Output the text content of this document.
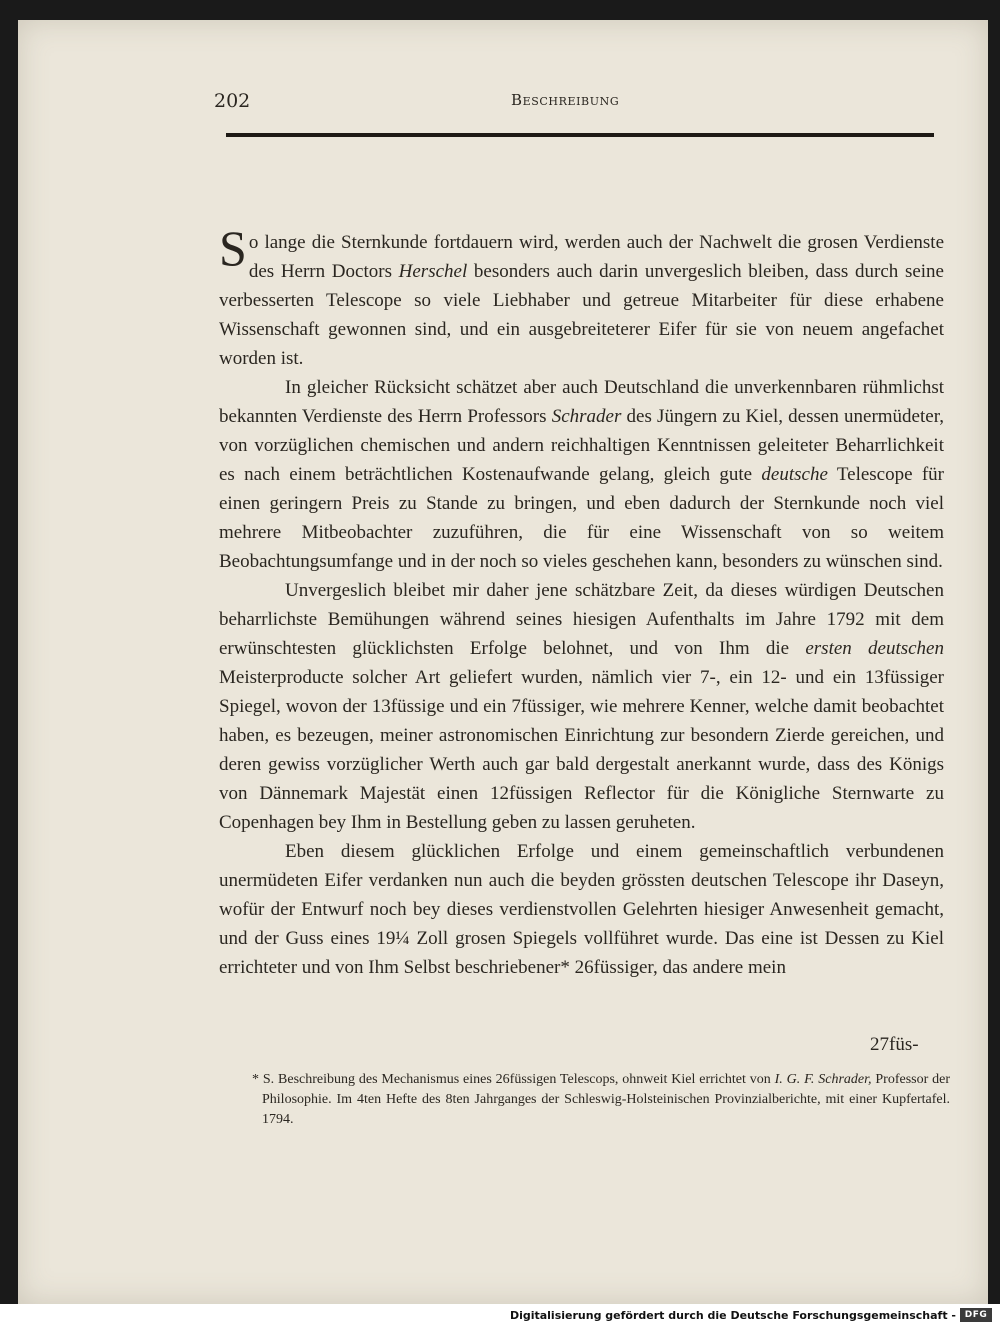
202	Beschreibung

So lange die Sternkunde fortdauern wird, werden auch der Nachwelt die grosen Verdienste des Herrn Doctors Herschel besonders auch darin unvergeslich bleiben, dass durch seine verbesserten Telescope so viele Liebhaber und getreue Mitarbeiter für diese erhabene Wissenschaft gewonnen sind, und ein ausgebreiteterer Eifer für sie von neuem angefachet worden ist.

In gleicher Rücksicht schätzet aber auch Deutschland die unverkennbaren rühmlichst bekannten Verdienste des Herrn Professors Schrader des Jüngern zu Kiel, dessen unermüdeter, von vorzüglichen chemischen und andern reichhaltigen Kenntnissen geleiteter Beharrlichkeit es nach einem beträchtlichen Kostenaufwande gelang, gleich gute deutsche Telescope für einen geringern Preis zu Stande zu bringen, und eben dadurch der Sternkunde noch viel mehrere Mitbeobachter zuzuführen, die für eine Wissenschaft von so weitem Beobachtungsumfange und in der noch so vieles geschehen kann, besonders zu wünschen sind.

Unvergeslich bleibet mir daher jene schätzbare Zeit, da dieses würdigen Deutschen beharrlichste Bemühungen während seines hiesigen Aufenthalts im Jahre 1792 mit dem erwünschtesten glücklichsten Erfolge belohnet, und von Ihm die ersten deutschen Meisterproducte solcher Art geliefert wurden, nämlich vier 7-, ein 12- und ein 13füssiger Spiegel, wovon der 13füssige und ein 7füssiger, wie mehrere Kenner, welche damit beobachtet haben, es bezeugen, meiner astronomischen Einrichtung zur besondern Zierde gereichen, und deren gewiss vorzüglicher Werth auch gar bald dergestalt anerkannt wurde, dass des Königs von Dännemark Majestät einen 12füssigen Reflector für die Königliche Sternwarte zu Copenhagen bey Ihm in Bestellung geben zu lassen geruheten.

Eben diesem glücklichen Erfolge und einem gemeinschaftlich verbundenen unermüdeten Eifer verdanken nun auch die beyden grössten deutschen Telescope ihr Daseyn, wofür der Entwurf noch bey dieses verdienstvollen Gelehrten hiesiger Anwesenheit gemacht, und der Guss eines 19¼ Zoll grosen Spiegels vollführet wurde. Das eine ist Dessen zu Kiel errichteter und von Ihm Selbst beschriebener* 26füssiger, das andere mein

27füs-
* S. Beschreibung des Mechanismus eines 26füssigen Telescops, ohnweit Kiel errichtet von I. G. F. Schrader, Professor der Philosophie. Im 4ten Hefte des 8ten Jahrganges der Schleswig-Holsteinischen Provinzialberichte, mit einer Kupfertafel. 1794.
Digitalisierung gefördert durch die Deutsche Forschungsgemeinschaft - DFG
